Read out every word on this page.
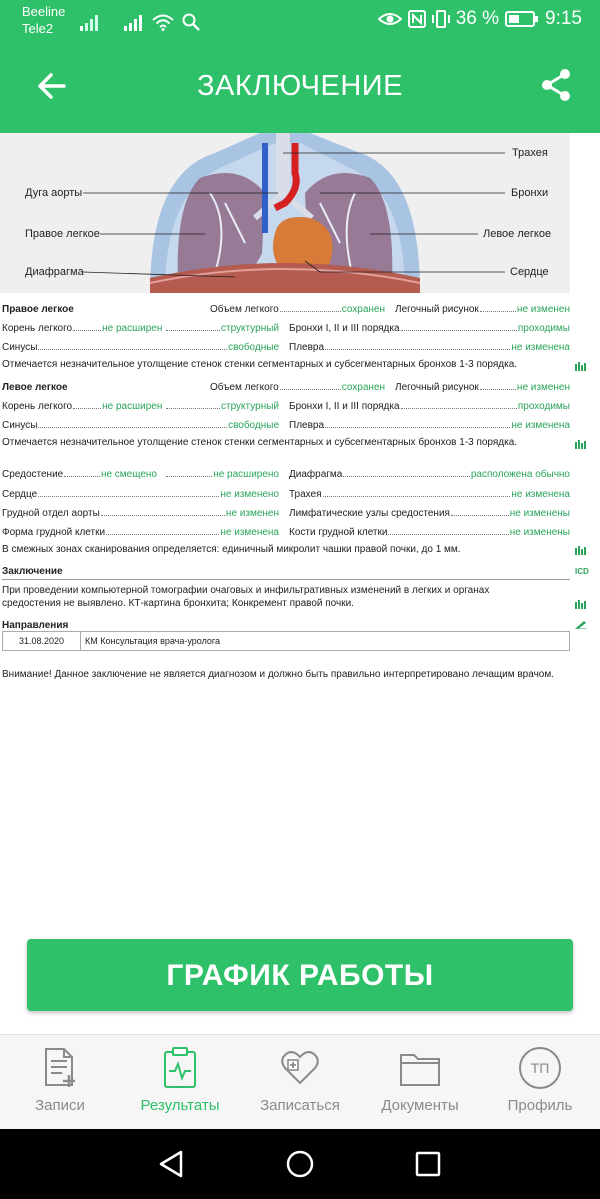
Beeline
Tele2	36 % 9:15
ЗАКЛЮЧЕНИЕ
Трахея
Дуга аорты	Бронхи
Правое легкое	Левое легкое
Диафрагма	Сердце
Правое легкое	Объем легкого	сохранен Легочный рисунок	не изменен
Корень легкого	не расширен	структурный Бронхи I, II и III порядка	проходимы
Синусы	свободные Плевра	не изменена
Отмечается незначительное утолщение стенок стенки сегментарных и субсегментарных бронхов 1-3 порядка.
Левое легкое	Объем легкого	сохранен Легочный рисунок	не изменен
Корень легкого	не расширен	структурный Бронхи I, II и III порядка	проходимы
Синусы	свободные Плевра	не изменена
Отмечается незначительное утолщение стенок стенки сегментарных и субсегментарных бронхов 1-3 порядка.
Средостение	не смещено	не расширено Диафрагма	расположена обычно
Сердце	не изменено Трахея	не изменена
Грудной отдел аорты	не изменен Лимфатические узлы средостения	не изменены
Форма грудной клетки	не изменена Кости грудной клетки	не изменены
В смежных зонах сканирования определяется: единичный микролит чашки правой почки, до 1 мм.
Заключение	ICD
При проведении компьютерной томографии очаговых и инфильтративных изменений в легких и органах средостения не выявлено. КТ-картина бронхита; Конкремент правой почки.
Направления
31.08.2020	КМ Консультация врача-уролога
Внимание! Данное заключение не является диагнозом и должно быть правильно интерпретировано лечащим врачом.
ГРАФИК РАБОТЫ
Записи	Результаты	Записаться	Документы
ТП
Профиль
